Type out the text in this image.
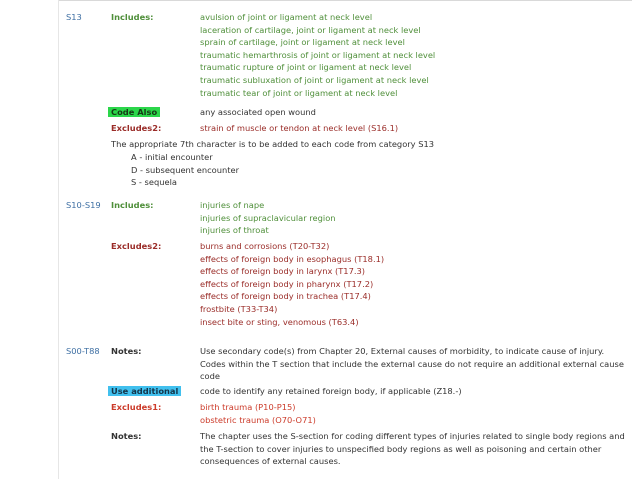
S13	Includes:	avulsion of joint or ligament at neck level
laceration of cartilage, joint or ligament at neck level
sprain of cartilage, joint or ligament at neck level
traumatic hemarthrosis of joint or ligament at neck level
traumatic rupture of joint or ligament at neck level
traumatic subluxation of joint or ligament at neck level
traumatic tear of joint or ligament at neck level
Code Also	any associated open wound
Excludes2:	strain of muscle or tendon at neck level (S16.1)
The appropriate 7th character is to be added to each code from category S13
A - initial encounter
D - subsequent encounter
S - sequela
S10-S19 Includes:	injuries of nape
injuries of supraclavicular region
injuries of throat
Excludes2:	burns and corrosions (T20-T32)
effects of foreign body in esophagus (T18.1)
effects of foreign body in larynx (T17.3)
effects of foreign body in pharynx (T17.2)
effects of foreign body in trachea (T17.4)
frostbite (T33-T34)
insect bite or sting, venomous (T63.4)
S00-T88 Notes:	Use secondary code(s) from Chapter 20, External causes of morbidity, to indicate cause of injury. Codes within the T section that include the external cause do not require an additional external cause code
Use additional	code to identify any retained foreign body, if applicable (Z18.-)
Excludes1:	birth trauma (P10-P15)
obstetric trauma (O70-O71)
Notes:	The chapter uses the S-section for coding different types of injuries related to single body regions and the T-section to cover injuries to unspecified body regions as well as poisoning and certain other consequences of external causes.
